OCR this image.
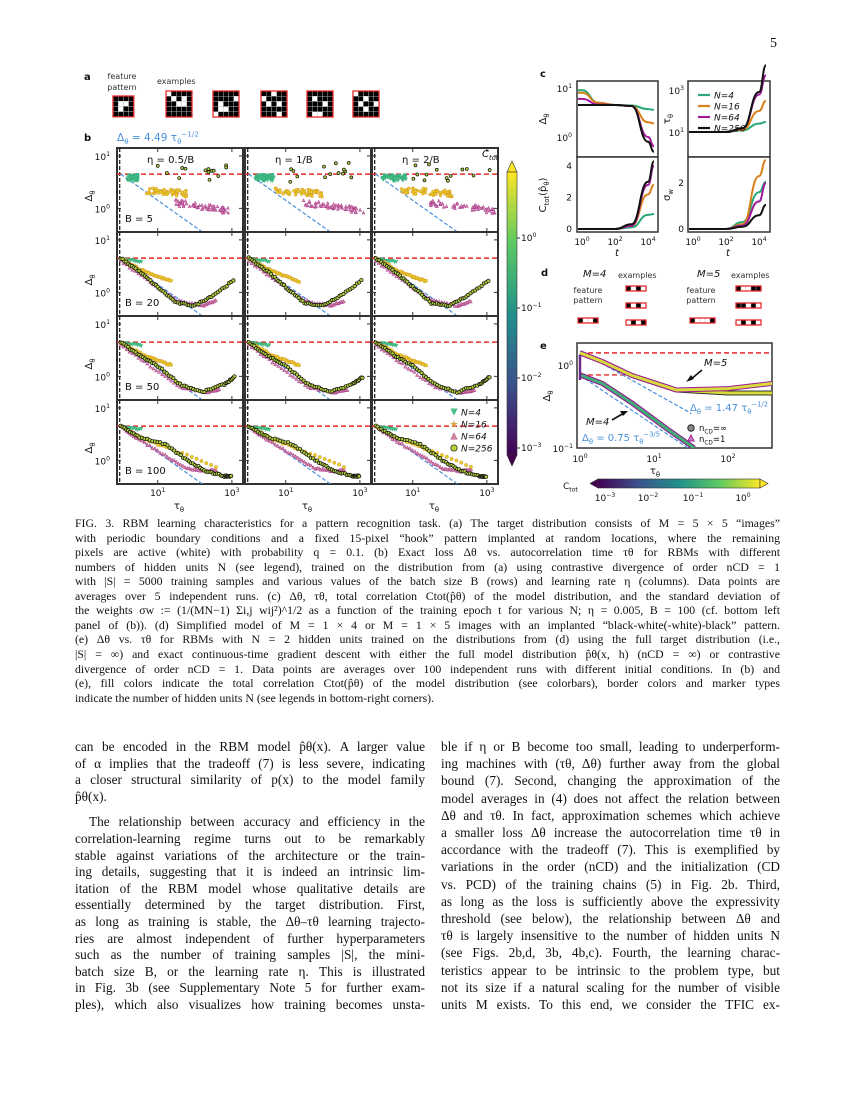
5
a
b
c
d
e
feature
pattern
examples
$\Delta_\theta = 4.49$ $\tau_\theta^{-1/2}$
η = 0.5/B
B = 5
η = 1/B	η = 2/B
B = 20
B = 50
B = 100
$10^1$
$10^0$
$\Delta_\theta$
$10^1$
$10^0$
$\Delta_\theta$
$10^1$
$10^0$
$\Delta_\theta$
$10^1$
$10^0$
$\Delta_\theta$
$10^1$	$10^3$
$\tau_\theta$
$10^1$	$10^3$
$\tau_\theta$
$10^1$	$10^3$
$\tau_\theta$
N=4
★ N=16
N=64
N=256
$C_{tot}$
$10^0$
$10^{-1}$
$10^{-2}$
$10^{-3}$
$10^0$ $10^2$ $10^4$	$10^0$ $10^2$ $10^4$
$\Delta_\theta$
$\tau_\theta$
$C_{tot}(p̂_\theta)$
$\sigma_w$
$10^1$
$10^0$
$10^3$
$10^1$
4
2
0
2
0
t	t
N=4
N=16
N=64
N=256
M=4	M=5
examples	examples
feature
pattern
feature
pattern
$10^0$
$10^{-1}$
$10^0$	$10^1$	$10^2$
$\Delta_\theta$
$\tau_\theta$
M=5
M=4
$\Delta_\theta = 1.47$ $\tau_\theta^{-1/2}$
$\Delta_\theta = 0.75$ $\tau_\theta^{-3/5}$
$n_{CD}=\infty$
$n_{CD}=1$
$C_{tot}$
$10^{-3}$	$10^{-2}$	$10^{-1}$	$10^0$
FIG. 3. RBM learning characteristics for a pattern recognition task. (a) The target distribution consists of M = 5 × 5 “images”
with periodic boundary conditions and a fixed 15-pixel “hook” pattern implanted at random locations, where the remaining
pixels are active (white) with probability q = 0.1. (b) Exact loss Δθ vs. autocorrelation time τθ for RBMs with different
numbers of hidden units N (see legend), trained on the distribution from (a) using contrastive divergence of order nCD = 1
with |S| = 5000 training samples and various values of the batch size B (rows) and learning rate η (columns). Data points are
averages over 5 independent runs. (c) Δθ, τθ, total correlation Ctot(p̂θ) of the model distribution, and the standard deviation of
the weights σw := (1/(MN−1) Σi,j wij²)^1/2 as a function of the training epoch t for various N; η = 0.005, B = 100 (cf. bottom left
panel of (b)). (d) Simplified model of M = 1 × 4 or M = 1 × 5 images with an implanted “black-white(-white)-black” pattern.
(e) Δθ vs. τθ for RBMs with N = 2 hidden units trained on the distributions from (d) using the full target distribution (i.e.,
|S| = ∞) and exact continuous-time gradient descent with either the full model distribution p̂θ(x, h) (nCD = ∞) or contrastive
divergence of order nCD = 1. Data points are averages over 100 independent runs with different initial conditions. In (b) and
(e), fill colors indicate the total correlation Ctot(p̂θ) of the model distribution (see colorbars), border colors and marker types
indicate the number of hidden units N (see legends in bottom-right corners).
can be encoded in the RBM model p̂θ(x). A larger value
of α implies that the tradeoff (7) is less severe, indicating
a closer structural similarity of p(x) to the model family
p̂θ(x).
The relationship between accuracy and efficiency in the
correlation-learning regime turns out to be remarkably
stable against variations of the architecture or the train-
ing details, suggesting that it is indeed an intrinsic lim-
itation of the RBM model whose qualitative details are
essentially determined by the target distribution. First,
as long as training is stable, the Δθ–τθ learning trajecto-
ries are almost independent of further hyperparameters
such as the number of training samples |S|, the mini-
batch size B, or the learning rate η. This is illustrated
in Fig. 3b (see Supplementary Note 5 for further exam-
ples), which also visualizes how training becomes unsta-
ble if η or B become too small, leading to underperform-
ing machines with (τθ, Δθ) further away from the global
bound (7). Second, changing the approximation of the
model averages in (4) does not affect the relation between
Δθ and τθ. In fact, approximation schemes which achieve
a smaller loss Δθ increase the autocorrelation time τθ in
accordance with the tradeoff (7). This is exemplified by
variations in the order (nCD) and the initialization (CD
vs. PCD) of the training chains (5) in Fig. 2b. Third,
as long as the loss is sufficiently above the expressivity
threshold (see below), the relationship between Δθ and
τθ is largely insensitive to the number of hidden units N
(see Figs. 2b,d, 3b, 4b,c). Fourth, the learning charac-
teristics appear to be intrinsic to the problem type, but
not its size if a natural scaling for the number of visible
units M exists. To this end, we consider the TFIC ex-
